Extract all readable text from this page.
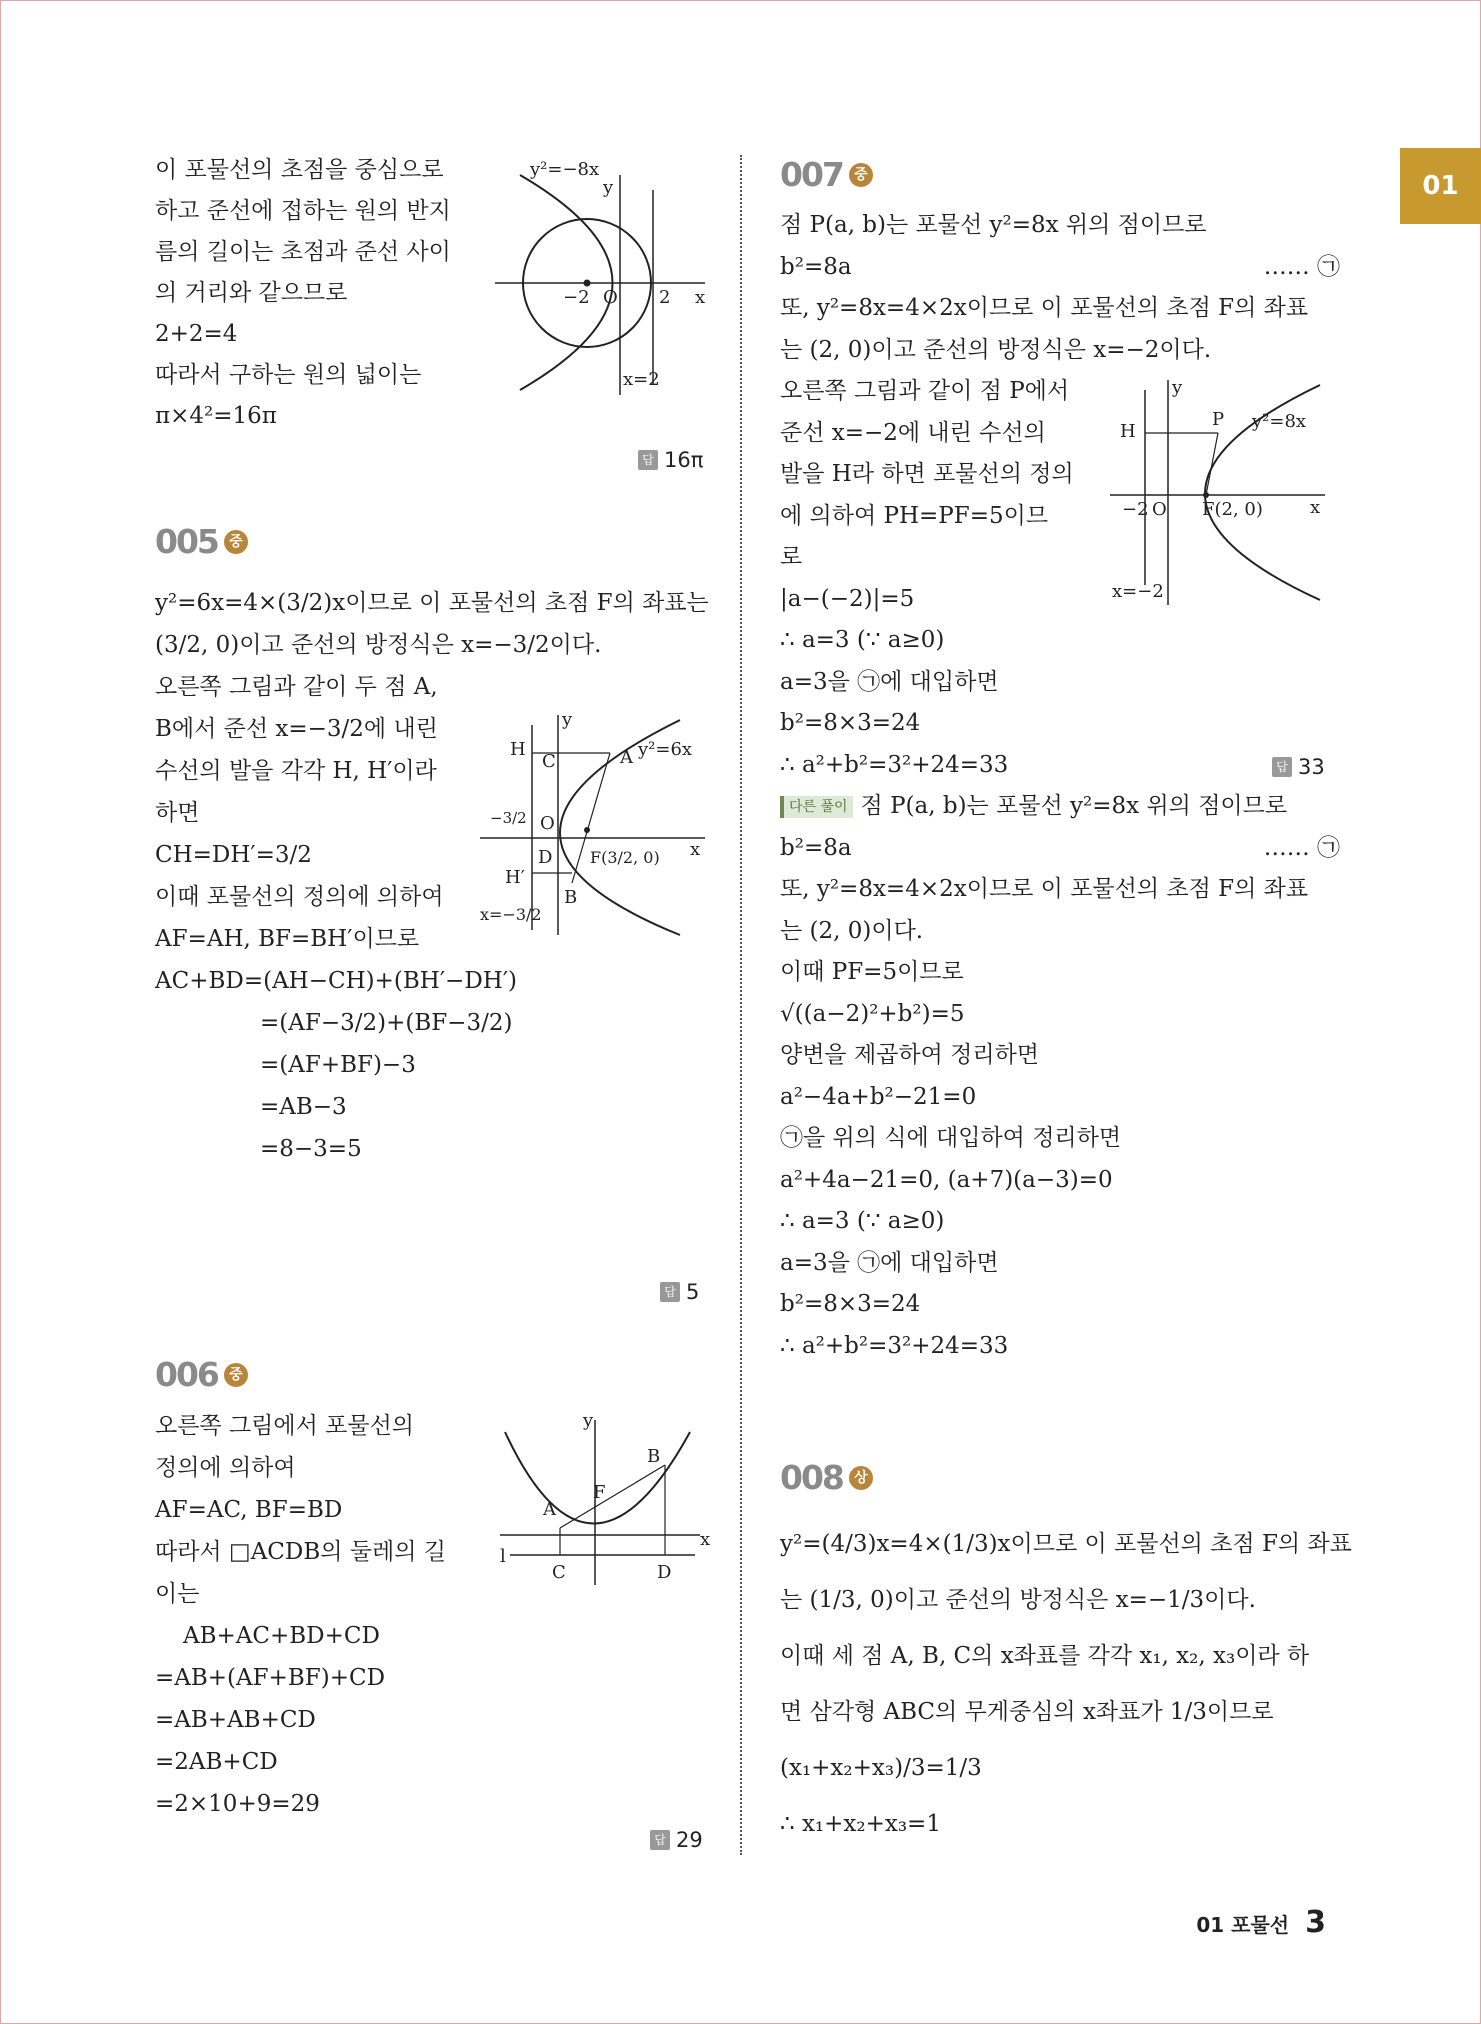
01
이 포물선의 초점을 중심으로
하고 준선에 접하는 원의 반지
름의 길이는 초점과 준선 사이
의 거리와 같으므로
2+2=4
따라서 구하는 원의 넓이는
π×4²=16π
y²=−8x
y
−2 O 2 x
x=2
답 16π
005 중
y²=6x=4×(3/2)x이므로 이 포물선의 초점 F의 좌표는
(3/2, 0)이고 준선의 방정식은 x=−3/2이다.
오른쪽 그림과 같이 두 점 A,
B에서 준선 x=−3/2에 내린
수선의 발을 각각 H, H′이라
하면
CH=DH′=3/2
이때 포물선의 정의에 의하여
AF=AH, BF=BH′이므로
AC+BD=(AH−CH)+(BH′−DH′)
=(AF−3/2)+(BF−3/2)
=(AF+BF)−3
=AB−3
=8−3=5
H
C	A y²=6x
y
−3/2 O
D F(3/2, 0) x
H′
B
x=−3/2
답 5
006 중
오른쪽 그림에서 포물선의
정의에 의하여
AF=AC, BF=BD
따라서 □ACDB의 둘레의 길
이는
AB+AC+BD+CD
=AB+(AF+BF)+CD
=AB+AB+CD
=2AB+CD
=2×10+9=29
y
A
F
B
x
l
C	D
답 29
007 중
점 P(a, b)는 포물선 y²=8x 위의 점이므로
b²=8a	…… ㉠
또, y²=8x=4×2x이므로 이 포물선의 초점 F의 좌표
는 (2, 0)이고 준선의 방정식은 x=−2이다.
오른쪽 그림과 같이 점 P에서
준선 x=−2에 내린 수선의
발을 H라 하면 포물선의 정의
에 의하여 PH=PF=5이므
로
|a−(−2)|=5
∴ a=3 (∵ a≥0)
a=3을 ㉠에 대입하면
b²=8×3=24
∴ a²+b²=3²+24=33
다른 풀이 점 P(a, b)는 포물선 y²=8x 위의 점이므로
b²=8a	…… ㉠
또, y²=8x=4×2x이므로 이 포물선의 초점 F의 좌표
는 (2, 0)이다.
이때 PF=5이므로
√((a−2)²+b²)=5
양변을 제곱하여 정리하면
a²−4a+b²−21=0
㉠을 위의 식에 대입하여 정리하면
a²+4a−21=0, (a+7)(a−3)=0
∴ a=3 (∵ a≥0)
a=3을 ㉠에 대입하면
b²=8×3=24
∴ a²+b²=3²+24=33
y
H
P y²=8x
−2 O F(2, 0)	x
x=−2
답 33
008 상
y²=(4/3)x=4×(1/3)x이므로 이 포물선의 초점 F의 좌표
는 (1/3, 0)이고 준선의 방정식은 x=−1/3이다.
이때 세 점 A, B, C의 x좌표를 각각 x₁, x₂, x₃이라 하
면 삼각형 ABC의 무게중심의 x좌표가 1/3이므로
(x₁+x₂+x₃)/3=1/3
∴ x₁+x₂+x₃=1
01 포물선 3
